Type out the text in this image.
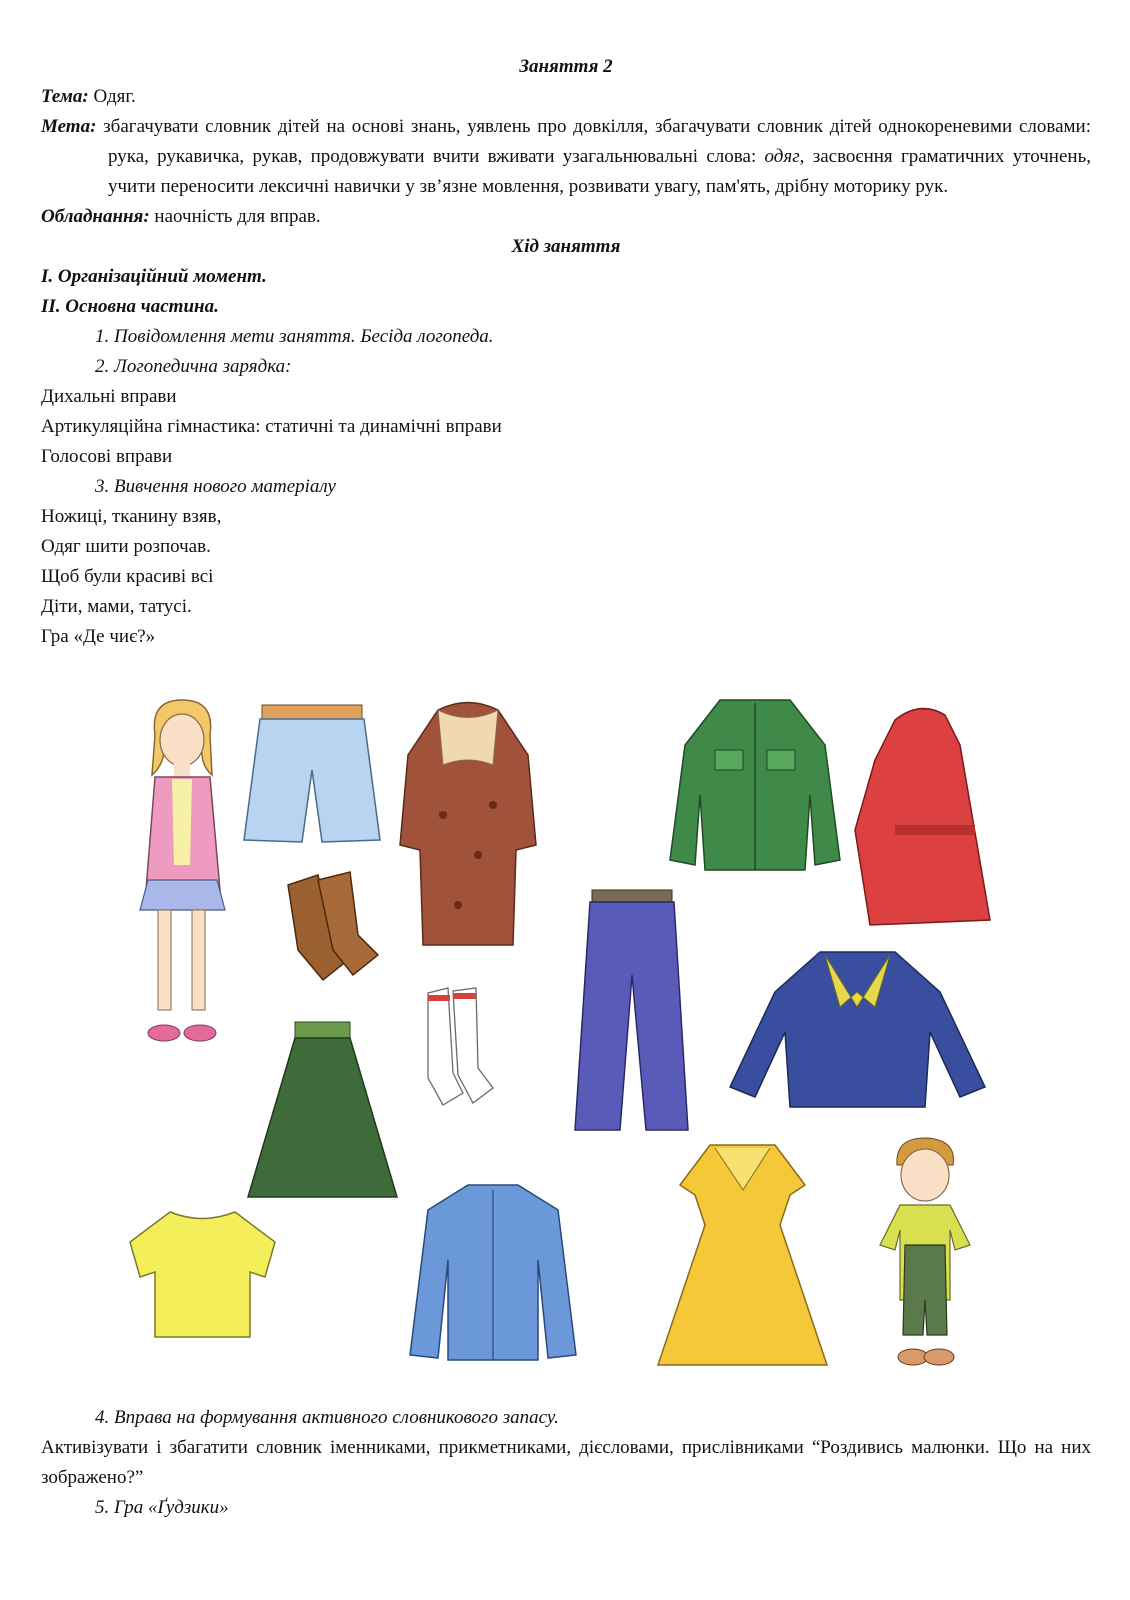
Заняття 2

Тема: Одяг.

Мета: збагачувати словник дітей на основі знань, уявлень про довкілля, збагачувати словник дітей однокореневими словами: рука, рукавичка, рукав, продовжувати вчити вживати узагальнювальні слова: одяг, засвоєння граматичних уточнень, учити переносити лексичні навички у зв’язне мовлення, розвивати увагу, пам'ять, дрібну моторику рук.

Обладнання: наочність для вправ.

Хід заняття

І. Організаційний момент.

ІІ. Основна частина.

1. Повідомлення мети заняття. Бесіда логопеда.

2. Логопедична зарядка:

Дихальні вправи

Артикуляційна гімнастика: статичні та динамічні вправи

Голосові вправи

3. Вивчення нового матеріалу

Ножиці, тканину взяв,

Одяг шити розпочав.

Щоб були красиві всі

Діти, мами, татусі.

Гра «Де чиє?»

4. Вправа на формування активного словникового запасу.

Активізувати і збагатити словник іменниками, прикметниками, дієсловами, прислівниками “Роздивись малюнки. Що на них зображено?”

5. Гра «Ґудзики»
